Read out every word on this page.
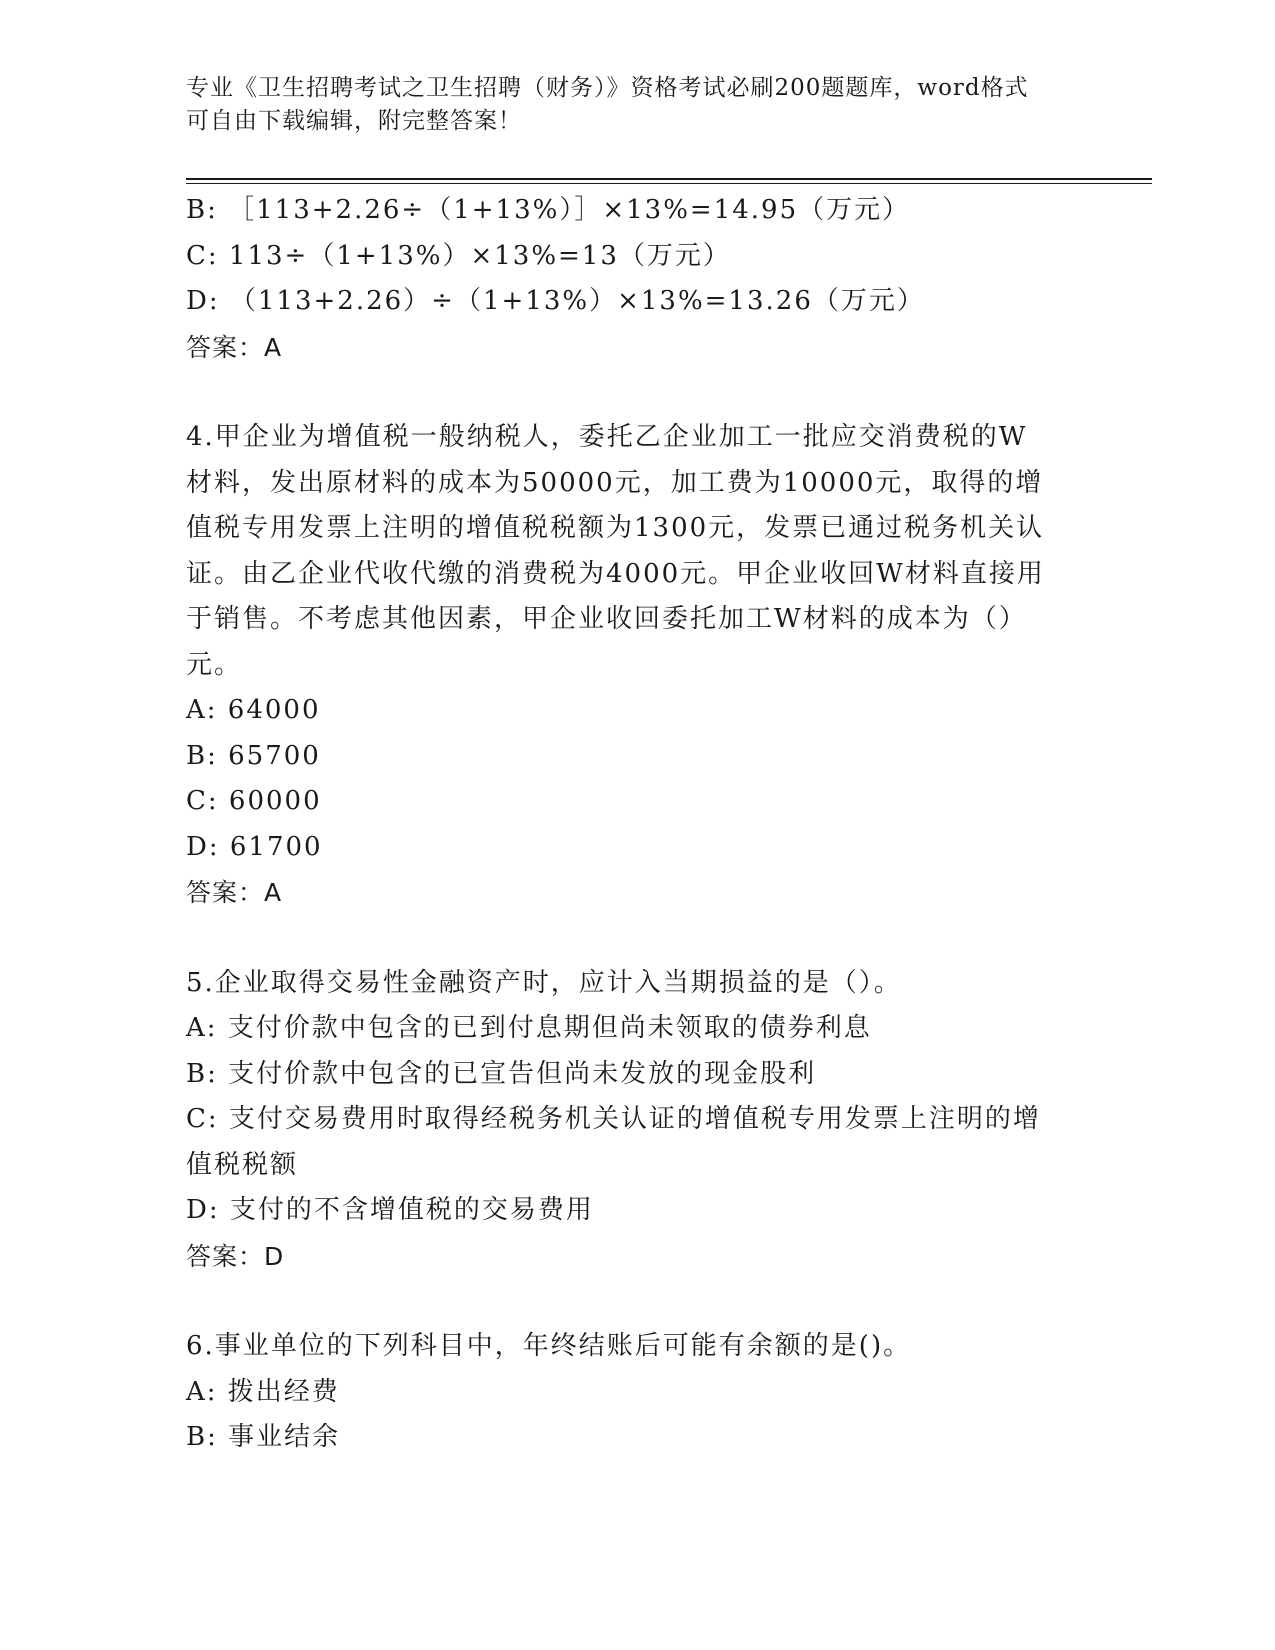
专业《卫生招聘考试之卫生招聘（财务）》资格考试必刷200题题库，word格式
可自由下载编辑，附完整答案！
B: ［113+2.26÷（1+13%）］×13%=14.95（万元）
C: 113÷（1+13%）×13%=13（万元）
D: （113+2.26）÷（1+13%）×13%=13.26（万元）
答案：A
4.甲企业为增值税一般纳税人，委托乙企业加工一批应交消费税的W
材料，发出原材料的成本为50000元，加工费为10000元，取得的增
值税专用发票上注明的增值税税额为1300元，发票已通过税务机关认
证。由乙企业代收代缴的消费税为4000元。甲企业收回W材料直接用
于销售。不考虑其他因素，甲企业收回委托加工W材料的成本为（）
元。
A: 64000
B: 65700
C: 60000
D: 61700
答案：A
5.企业取得交易性金融资产时，应计入当期损益的是（）。
A: 支付价款中包含的已到付息期但尚未领取的债券利息
B: 支付价款中包含的已宣告但尚未发放的现金股利
C: 支付交易费用时取得经税务机关认证的增值税专用发票上注明的增
值税税额
D: 支付的不含增值税的交易费用
答案：D
6.事业单位的下列科目中，年终结账后可能有余额的是()。
A: 拨出经费
B: 事业结余
